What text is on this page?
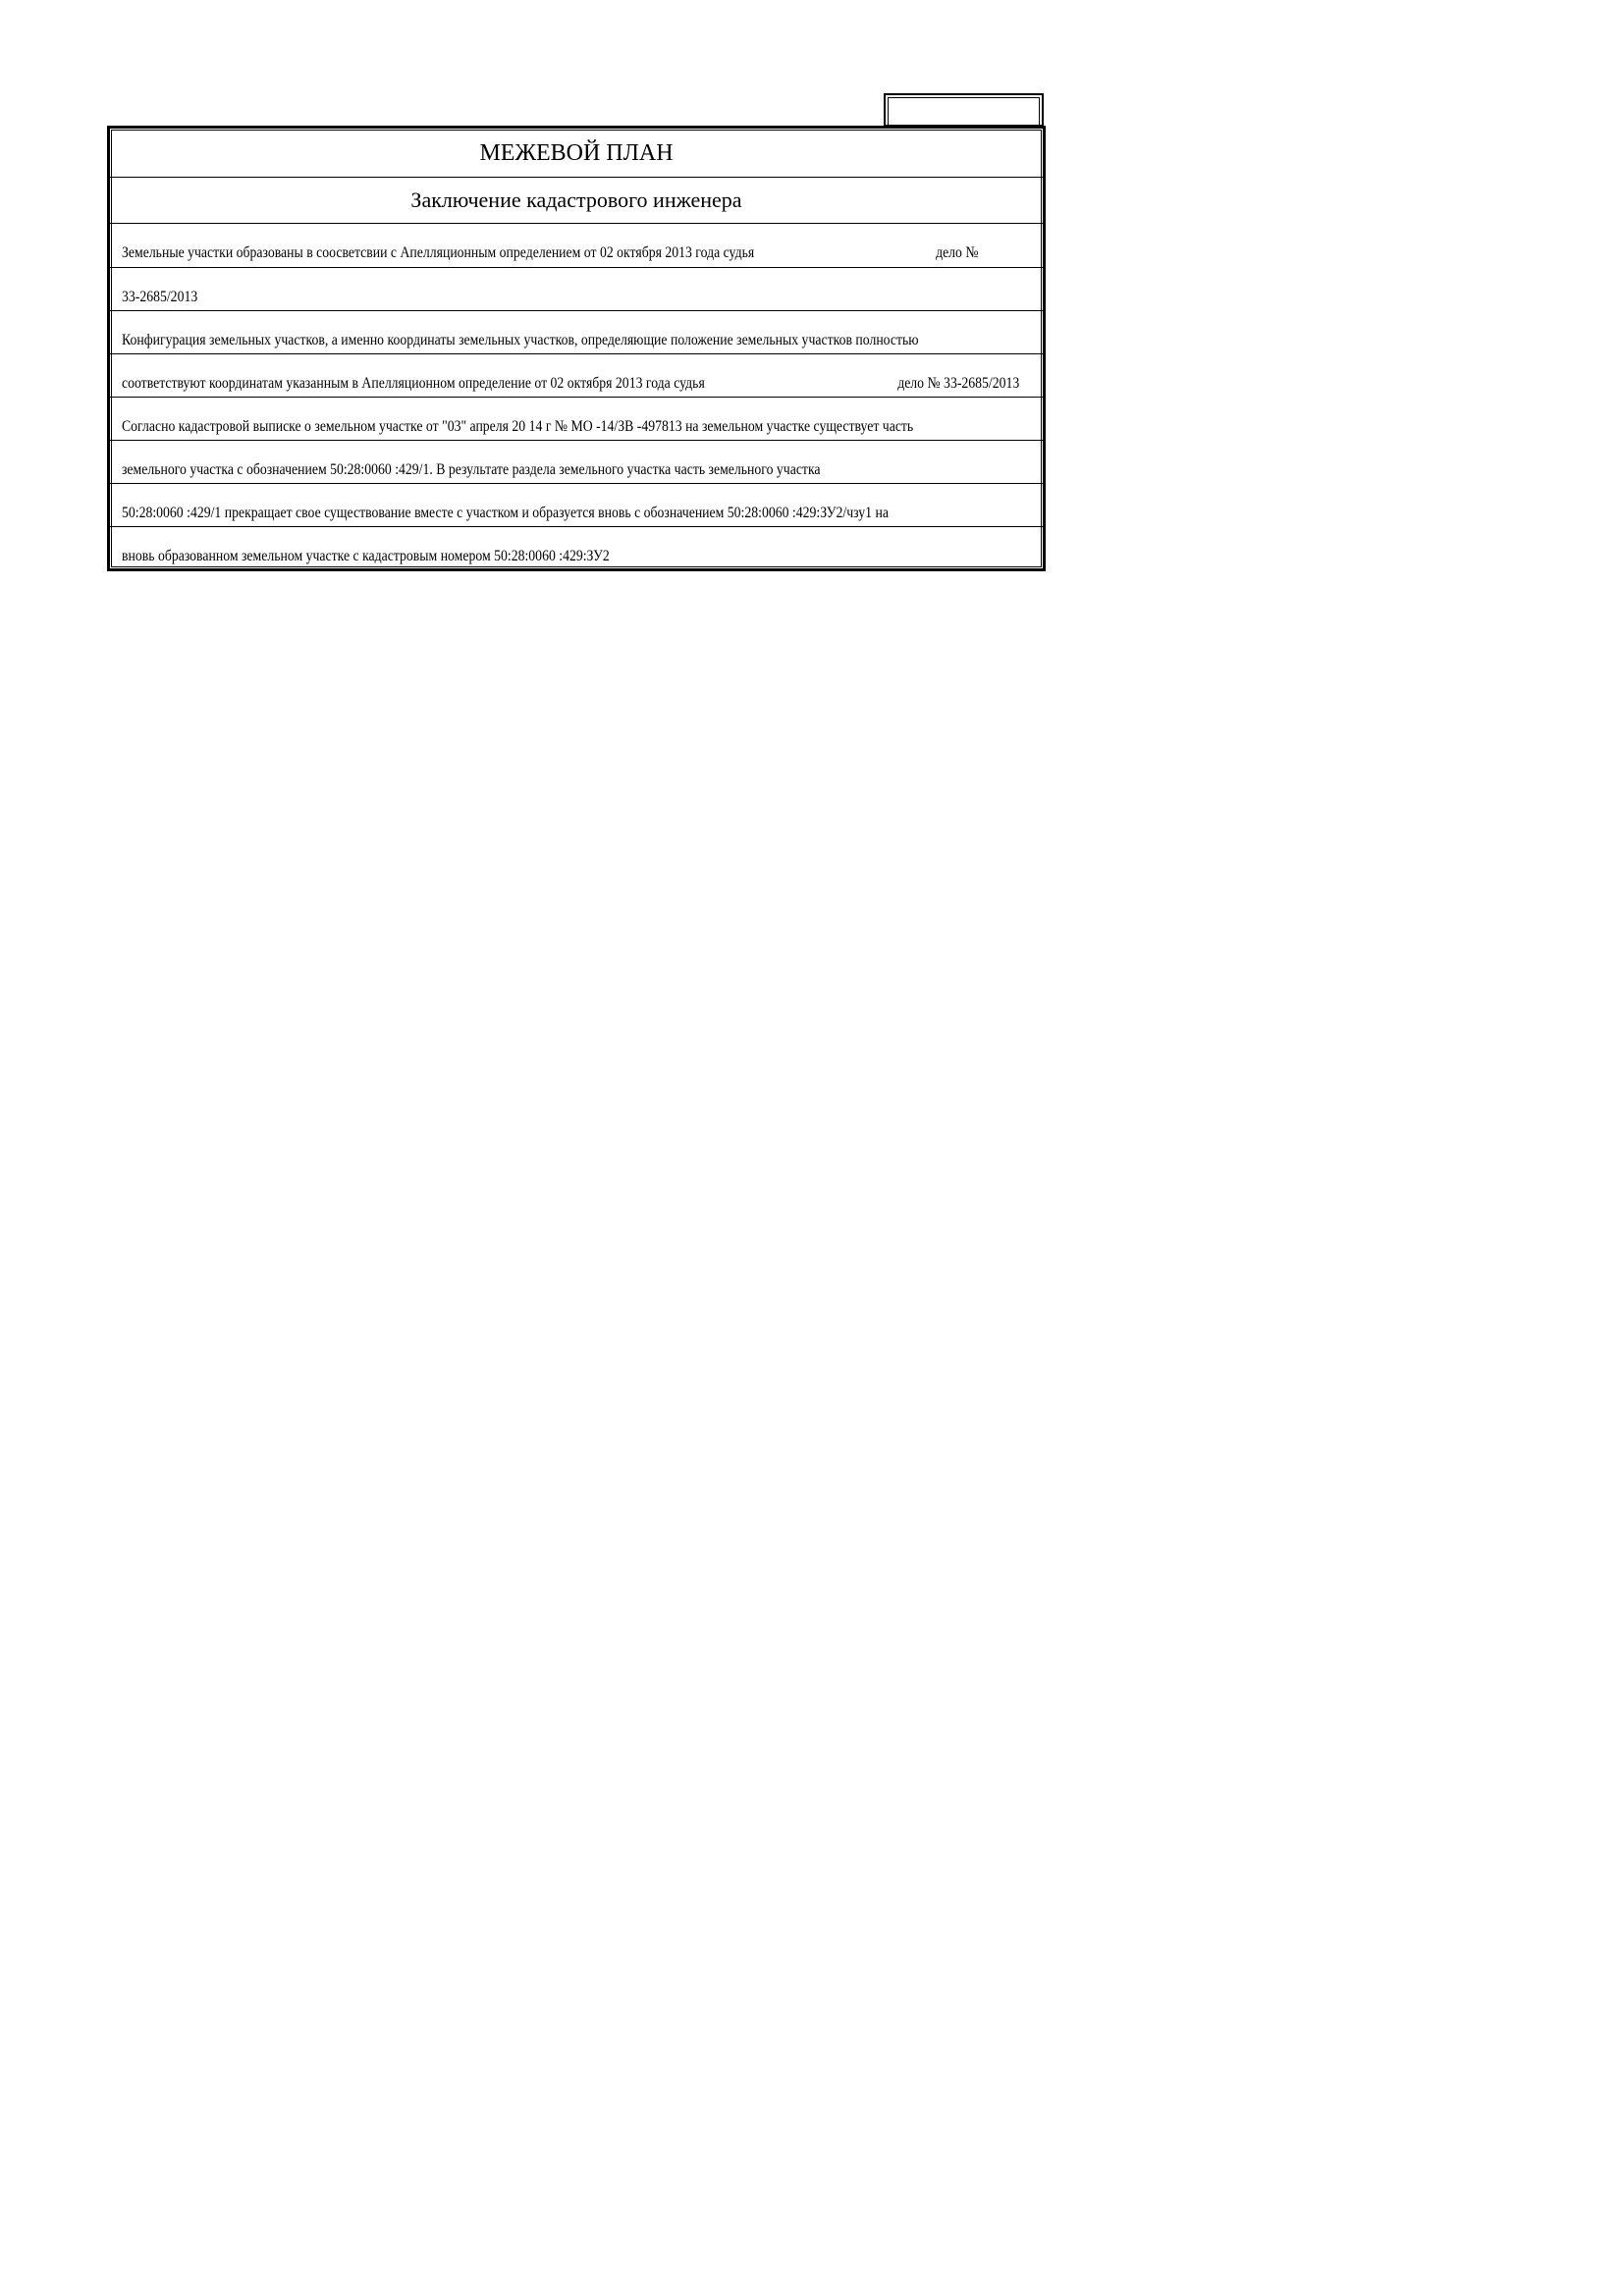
МЕЖЕВОЙ ПЛАН
Заключение кадастрового инженера
Земельные участки образованы в соосветсвии с Апелляционным определением от 02 октября 2013 года судья	дело №
33-2685/2013
Конфигурация земельных участков, а именно координаты земельных участков, определяющие положение земельных участков полностью
соответствуют координатам указанным в Апелляционном определение от 02 октября 2013 года судья	дело № 33-2685/2013
Согласно кадастровой выписке о земельном участке от "03" апреля 20 14 г № МО -14/ЗВ -497813 на земельном участке существует часть
земельного участка с обозначением 50:28:0060 :429/1. В результате раздела земельного участка часть земельного участка
50:28:0060 :429/1 прекращает свое существование вместе с участком и образуется вновь с обозначением 50:28:0060 :429:ЗУ2/чзу1 на
вновь образованном земельном участке с кадастровым номером 50:28:0060 :429:ЗУ2
